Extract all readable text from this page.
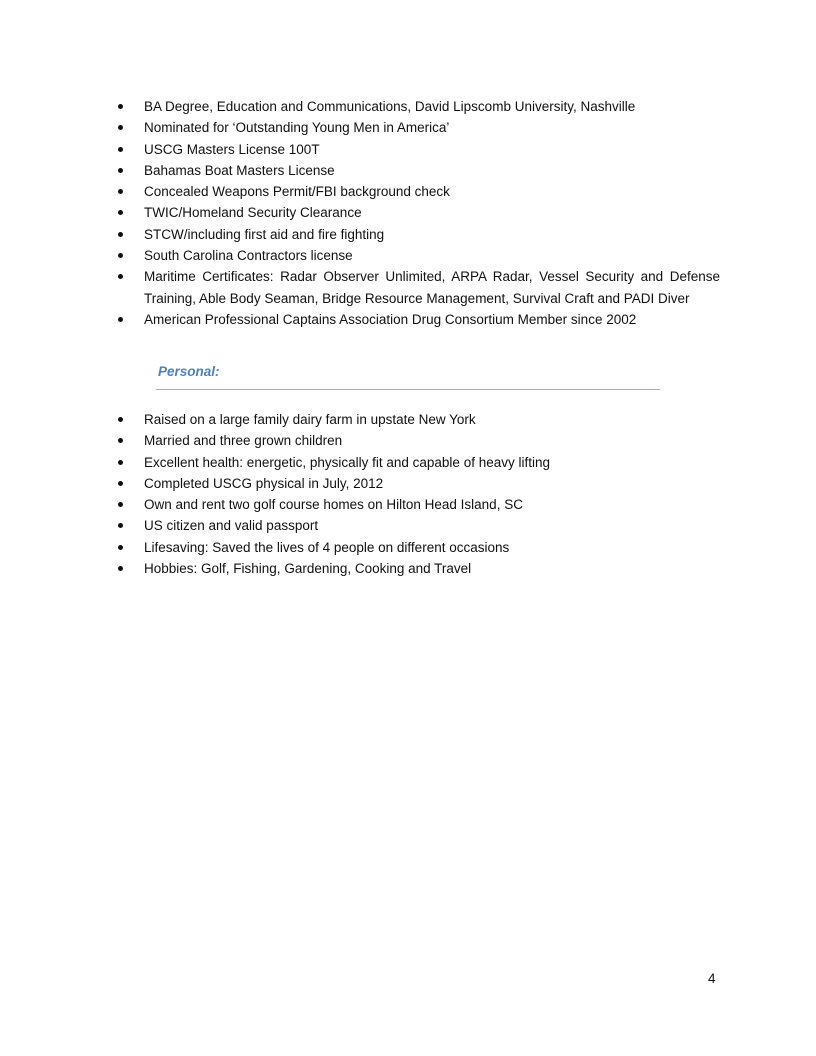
BA Degree, Education and Communications, David Lipscomb University, Nashville
Nominated for ‘Outstanding Young Men in America’
USCG Masters License 100T
Bahamas Boat Masters License
Concealed Weapons Permit/FBI background check
TWIC/Homeland Security Clearance
STCW/including first aid and fire fighting
South Carolina Contractors license
Maritime Certificates: Radar Observer Unlimited, ARPA Radar, Vessel Security and Defense Training, Able Body Seaman, Bridge Resource Management, Survival Craft and PADI Diver
American Professional Captains Association Drug Consortium Member since 2002
Personal:
Raised on a large family dairy farm in upstate New York
Married and three grown children
Excellent health: energetic, physically fit and capable of heavy lifting
Completed USCG physical in July, 2012
Own and rent two golf course homes on Hilton Head Island, SC
US citizen and valid passport
Lifesaving: Saved the lives of 4 people on different occasions
Hobbies: Golf, Fishing, Gardening, Cooking and Travel
4
